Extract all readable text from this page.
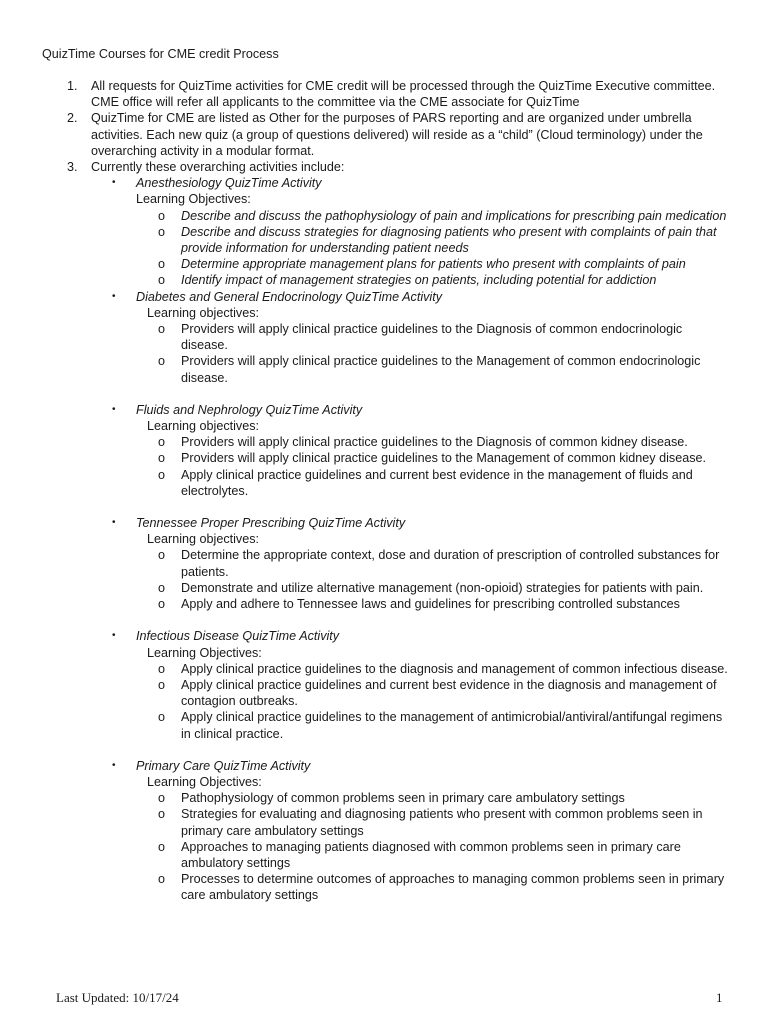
QuizTime Courses for CME credit Process
1. All requests for QuizTime activities for CME credit will be processed through the QuizTime Executive committee. CME office will refer all applicants to the committee via the CME associate for QuizTime
2. QuizTime for CME are listed as Other for the purposes of PARS reporting and are organized under umbrella activities. Each new quiz (a group of questions delivered) will reside as a “child” (Cloud terminology) under the overarching activity in a modular format.
3. Currently these overarching activities include:
• Anesthesiology QuizTime Activity
Learning Objectives:
o Describe and discuss the pathophysiology of pain and implications for prescribing pain medication
o Describe and discuss strategies for diagnosing patients who present with complaints of pain that provide information for understanding patient needs
o Determine appropriate management plans for patients who present with complaints of pain
o Identify impact of management strategies on patients, including potential for addiction
• Diabetes and General Endocrinology QuizTime Activity
Learning objectives:
o Providers will apply clinical practice guidelines to the Diagnosis of common endocrinologic disease.
o Providers will apply clinical practice guidelines to the Management of common endocrinologic disease.
• Fluids and Nephrology QuizTime Activity
Learning objectives:
o Providers will apply clinical practice guidelines to the Diagnosis of common kidney disease.
o Providers will apply clinical practice guidelines to the Management of common kidney disease.
o Apply clinical practice guidelines and current best evidence in the management of fluids and electrolytes.
• Tennessee Proper Prescribing QuizTime Activity
Learning objectives:
o Determine the appropriate context, dose and duration of prescription of controlled substances for patients.
o Demonstrate and utilize alternative management (non-opioid) strategies for patients with pain.
o Apply and adhere to Tennessee laws and guidelines for prescribing controlled substances
• Infectious Disease QuizTime Activity
Learning Objectives:
o Apply clinical practice guidelines to the diagnosis and management of common infectious disease.
o Apply clinical practice guidelines and current best evidence in the diagnosis and management of contagion outbreaks.
o Apply clinical practice guidelines to the management of antimicrobial/antiviral/antifungal regimens in clinical practice.
• Primary Care QuizTime Activity
Learning Objectives:
o Pathophysiology of common problems seen in primary care ambulatory settings
o Strategies for evaluating and diagnosing patients who present with common problems seen in primary care ambulatory settings
o Approaches to managing patients diagnosed with common problems seen in primary care ambulatory settings
o Processes to determine outcomes of approaches to managing common problems seen in primary care ambulatory settings
Last Updated: 10/17/24	1
